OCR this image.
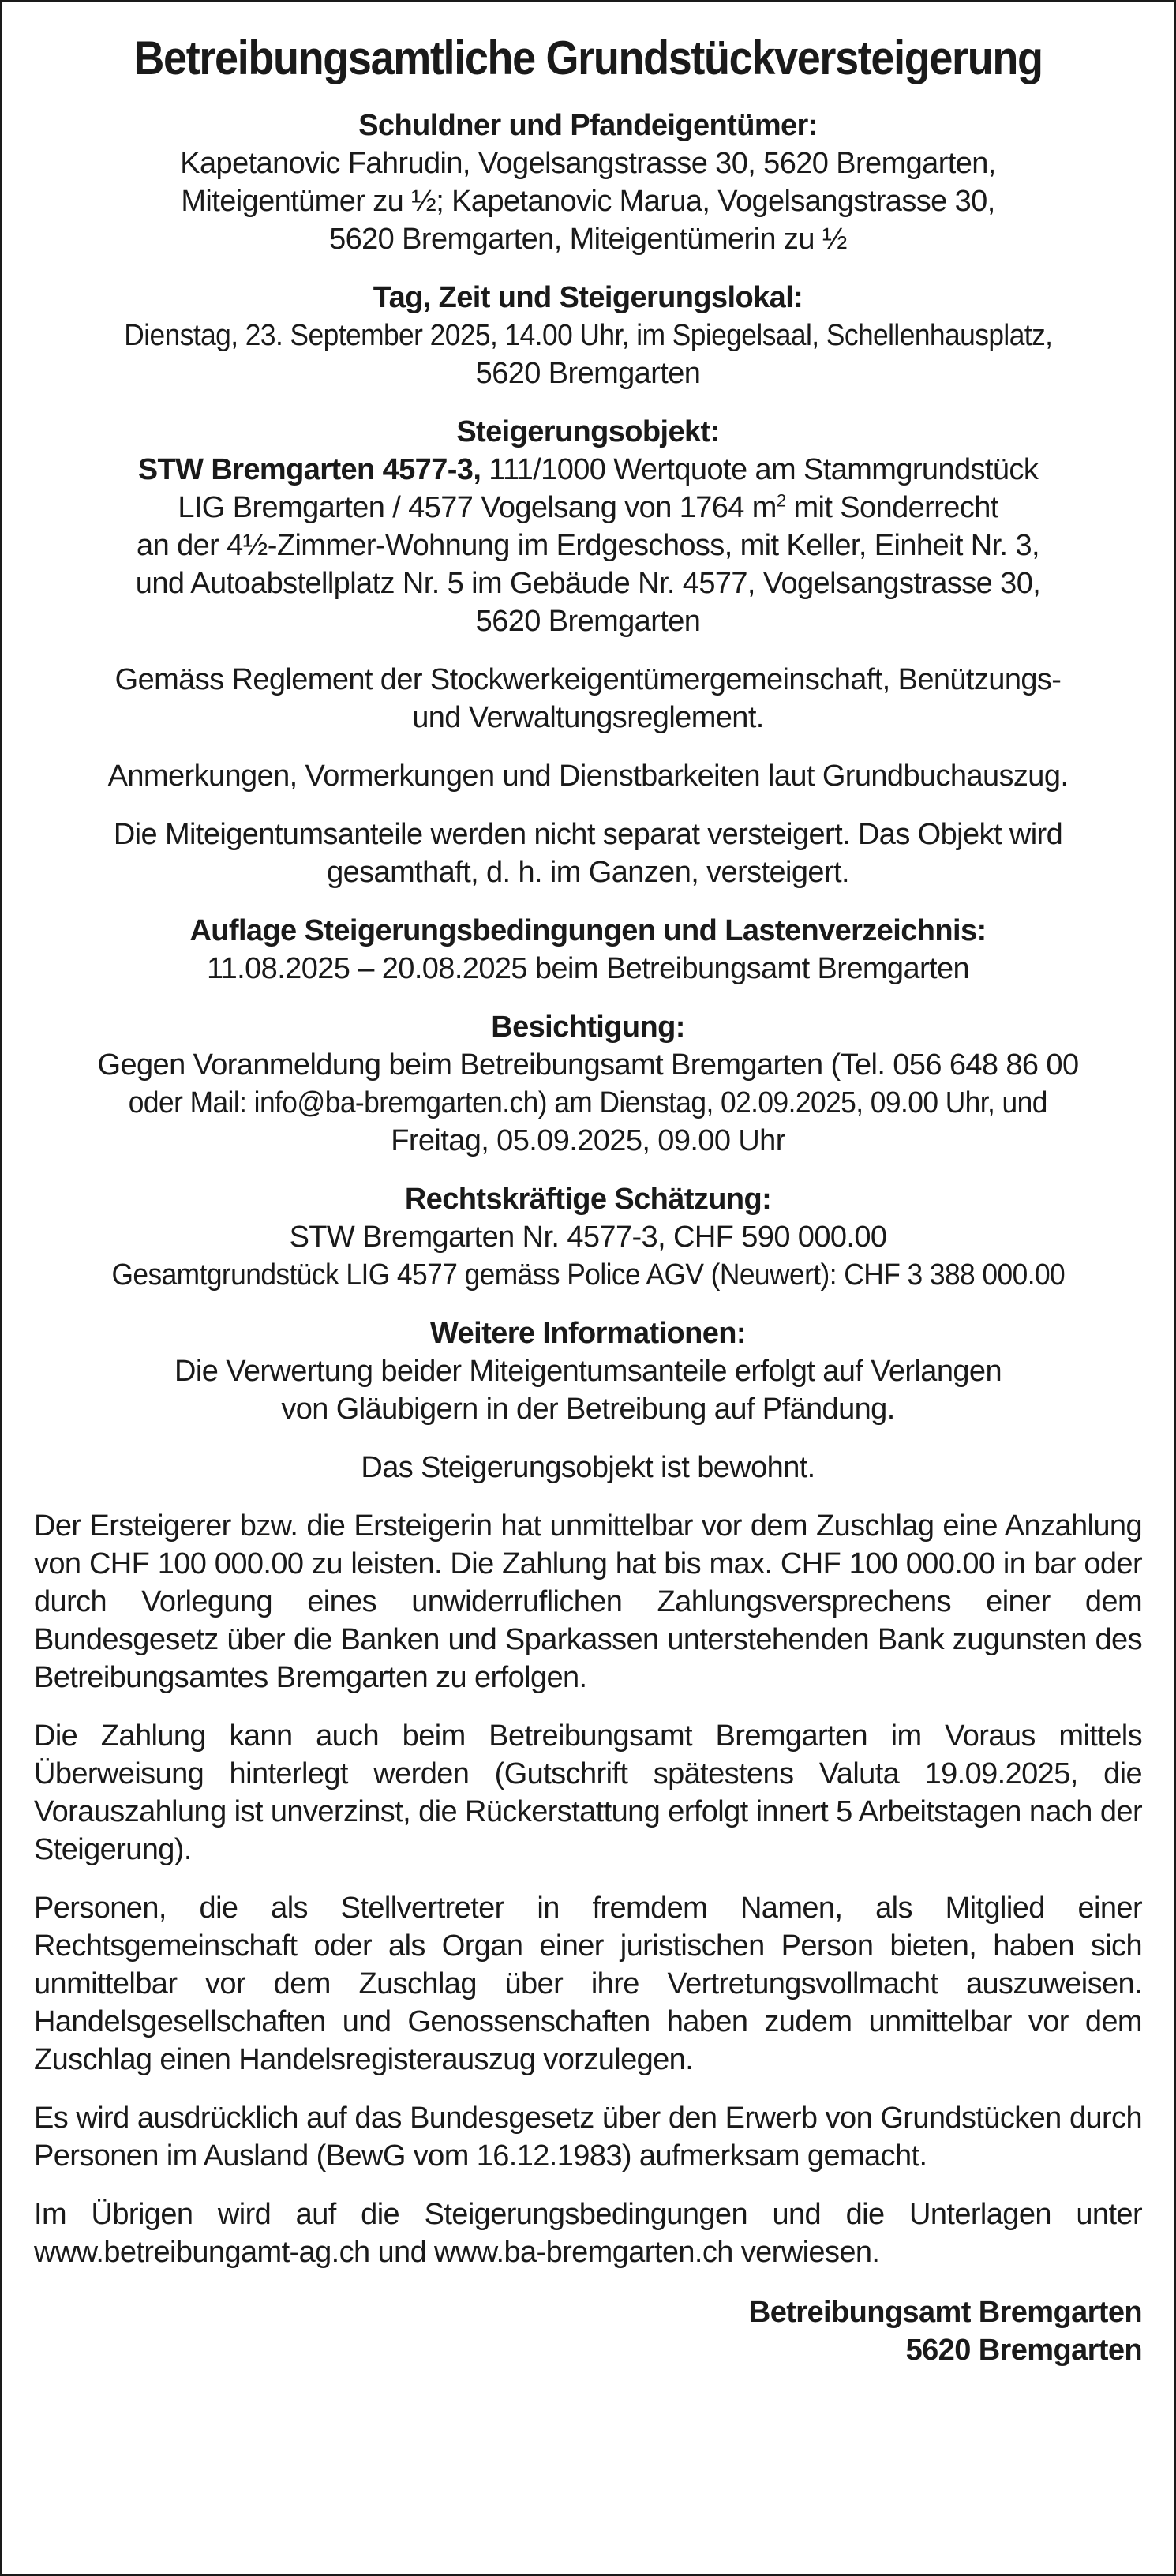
Betreibungsamtliche Grundstückversteigerung
Schuldner und Pfandeigentümer:
Kapetanovic Fahrudin, Vogelsangstrasse 30, 5620 Bremgarten,
Miteigentümer zu ½; Kapetanovic Marua, Vogelsangstrasse 30,
5620 Bremgarten, Miteigentümerin zu ½
Tag, Zeit und Steigerungslokal:
Dienstag, 23. September 2025, 14.00 Uhr, im Spiegelsaal, Schellenhausplatz,
5620 Bremgarten
Steigerungsobjekt:
STW Bremgarten 4577-3, 111/1000 Wertquote am Stammgrundstück
LIG Bremgarten / 4577 Vogelsang von 1764 $m^2$ mit Sonderrecht
an der 4½-Zimmer-Wohnung im Erdgeschoss, mit Keller, Einheit Nr. 3,
und Autoabstellplatz Nr. 5 im Gebäude Nr. 4577, Vogelsangstrasse 30,
5620 Bremgarten
Gemäss Reglement der Stockwerkeigentümergemeinschaft, Benützungs-
und Verwaltungsreglement.
Anmerkungen, Vormerkungen und Dienstbarkeiten laut Grundbuchauszug.
Die Miteigentumsanteile werden nicht separat versteigert. Das Objekt wird
gesamthaft, d. h. im Ganzen, versteigert.
Auflage Steigerungsbedingungen und Lastenverzeichnis:
11.08.2025 – 20.08.2025 beim Betreibungsamt Bremgarten
Besichtigung:
Gegen Voranmeldung beim Betreibungsamt Bremgarten (Tel. 056 648 86 00
oder Mail: info@ba-bremgarten.ch) am Dienstag, 02.09.2025, 09.00 Uhr, und
Freitag, 05.09.2025, 09.00 Uhr
Rechtskräftige Schätzung:
STW Bremgarten Nr. 4577-3, CHF 590 000.00
Gesamtgrundstück LIG 4577 gemäss Police AGV (Neuwert): CHF 3 388 000.00
Weitere Informationen:
Die Verwertung beider Miteigentumsanteile erfolgt auf Verlangen
von Gläubigern in der Betreibung auf Pfändung.
Das Steigerungsobjekt ist bewohnt.

Der Ersteigerer bzw. die Ersteigerin hat unmittelbar vor dem Zuschlag eine Anzahlung von CHF 100 000.00 zu leisten. Die Zahlung hat bis max. CHF 100 000.00 in bar oder durch Vorlegung eines unwiderruflichen Zahlungsversprechens einer dem Bundesgesetz über die Banken und Sparkassen unterstehenden Bank zugunsten des Betreibungsamtes Bremgarten zu erfolgen.

Die Zahlung kann auch beim Betreibungsamt Bremgarten im Voraus mittels Überweisung hinterlegt werden (Gutschrift spätestens Valuta 19.09.2025, die Vorauszahlung ist unverzinst, die Rückerstattung erfolgt innert 5 Arbeitstagen nach der Steigerung).

Personen, die als Stellvertreter in fremdem Namen, als Mitglied einer Rechtsgemeinschaft oder als Organ einer juristischen Person bieten, haben sich unmittelbar vor dem Zuschlag über ihre Vertretungsvollmacht auszuweisen. Handelsgesellschaften und Genossenschaften haben zudem unmittelbar vor dem Zuschlag einen Handelsregisterauszug vorzulegen.

Es wird ausdrücklich auf das Bundesgesetz über den Erwerb von Grundstücken durch Personen im Ausland (BewG vom 16.12.1983) aufmerksam gemacht.

Im Übrigen wird auf die Steigerungsbedingungen und die Unterlagen unter www.betreibungamt-ag.ch und www.ba-bremgarten.ch verwiesen.

Betreibungsamt Bremgarten
5620 Bremgarten
